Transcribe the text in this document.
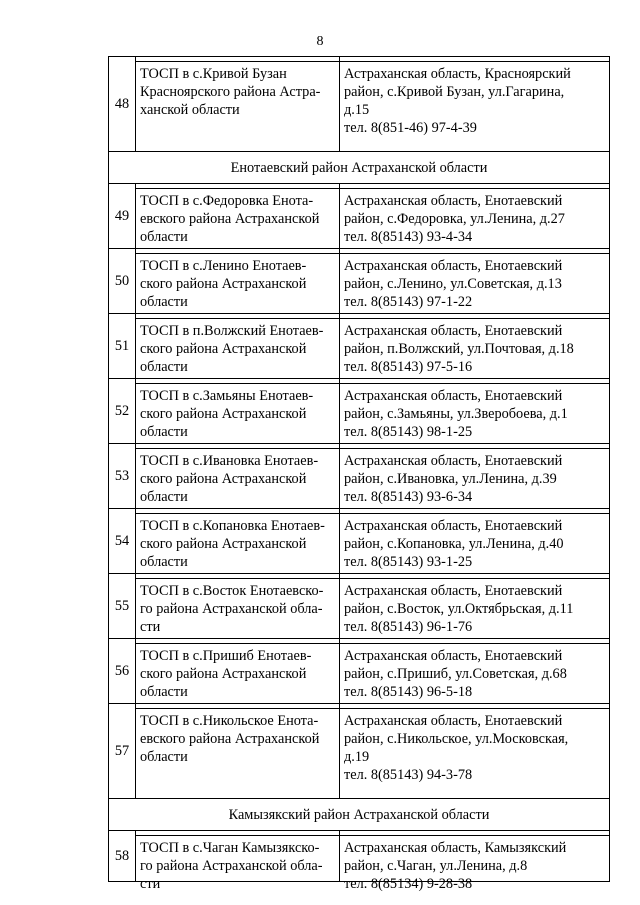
8
48	ТОСП в с.Кривой Бузан
Красноярского района Астра-
ханской области	Астраханская область, Красноярский
район, с.Кривой Бузан, ул.Гагарина,
д.15
тел. 8(851-46) 97-4-39

Енотаевский район Астраханской области		
49	ТОСП в с.Федоровка Енота-
евского района Астраханской
области	Астраханская область, Енотаевский
район, с.Федоровка, ул.Ленина, д.27
тел. 8(85143) 93-4-34

50	ТОСП в с.Ленино Енотаев-
ского района Астраханской
области	Астраханская область, Енотаевский
район, с.Ленино, ул.Советская, д.13
тел. 8(85143) 97-1-22

51	ТОСП в п.Волжский Енотаев-
ского района Астраханской
области	Астраханская область, Енотаевский
район, п.Волжский, ул.Почтовая, д.18
тел. 8(85143) 97-5-16

52	ТОСП в с.Замьяны Енотаев-
ского района Астраханской
области	Астраханская область, Енотаевский
район, с.Замьяны, ул.Зверобоева, д.1
тел. 8(85143) 98-1-25

53	ТОСП в с.Ивановка Енотаев-
ского района Астраханской
области	Астраханская область, Енотаевский
район, с.Ивановка, ул.Ленина, д.39
тел. 8(85143) 93-6-34

54	ТОСП в с.Копановка Енотаев-
ского района Астраханской
области	Астраханская область, Енотаевский
район, с.Копановка, ул.Ленина, д.40
тел. 8(85143) 93-1-25

55	ТОСП в с.Восток Енотаевско-
го района Астраханской обла-
сти	Астраханская область, Енотаевский
район, с.Восток, ул.Октябрьская, д.11
тел. 8(85143) 96-1-76

56	ТОСП в с.Пришиб Енотаев-
ского района Астраханской
области	Астраханская область, Енотаевский
район, с.Пришиб, ул.Советская, д.68
тел. 8(85143) 96-5-18

57	ТОСП в с.Никольское Енота-
евского района Астраханской
области	Астраханская область, Енотаевский
район, с.Никольское, ул.Московская,
д.19
тел. 8(85143) 94-3-78

Камызякский район Астраханской области		
58	ТОСП в с.Чаган Камызякско-
го района Астраханской обла-
сти	Астраханская область, Камызякский
район, с.Чаган, ул.Ленина, д.8
тел. 8(85134) 9-28-38
